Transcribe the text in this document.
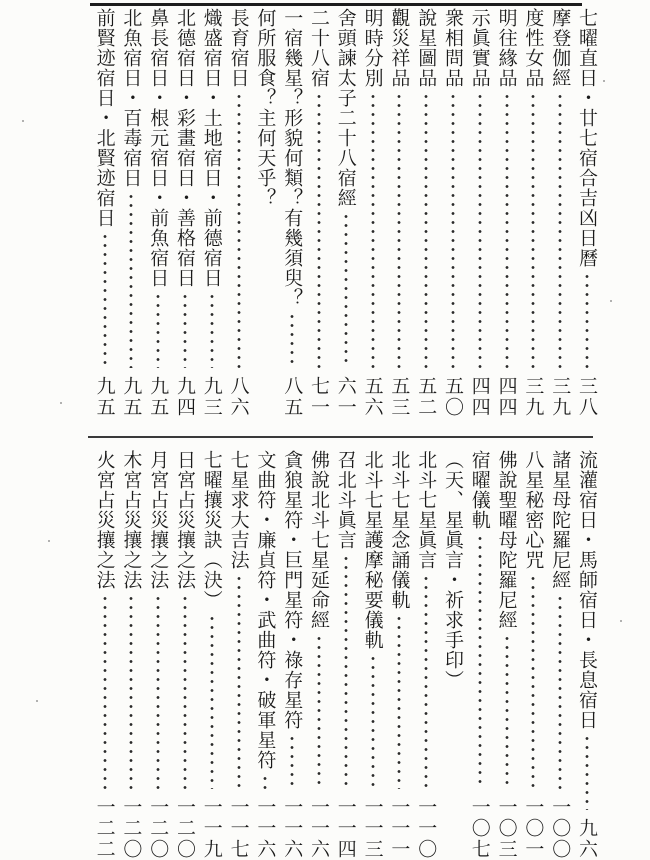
七曜直日・廿七宿合吉凶日曆
三八
摩登伽經
三九
度性女品
三九
明往緣品
四四
示眞實品
四四
衆相問品
五〇
說星圖品
五二
觀災祥品
五三
明時分別
五六
舍頭諫太子二十八宿經
六一
二十八宿
七一
一宿幾星？形貌何類？有幾須臾？
八五
何所服食？主何天乎？
長育宿日
八六
熾盛宿日・土地宿日・前德宿日
九三
北德宿日・彩畫宿日・善格宿日
九四
鼻長宿日・根元宿日・前魚宿日
九五
北魚宿日・百毒宿日
九五
前賢迹宿日・北賢迹宿日
九五
流灌宿日・馬師宿日・長息宿日
九六
諸星母陀羅尼經
一〇〇
八星秘密心咒
一〇一
佛說聖曜母陀羅尼經
一〇三
宿曜儀軌
一〇七
（天、星眞言・祈求手印）
北斗七星眞言
一一〇
北斗七星念誦儀軌
一一一
北斗七星護摩秘要儀軌
一一三
召北斗眞言
一一四
佛說北斗七星延命經
一一六
貪狼星符・巨門星符・祿存星符
一一六
文曲符・廉貞符・武曲符・破軍星符
一一六
七星求大吉法
一一七
七曜攘災訣（決）
一一九
日宮占災攘之法
一二〇
月宮占災攘之法
一二〇
木宮占災攘之法
一二〇
火宮占災攘之法
一二二
